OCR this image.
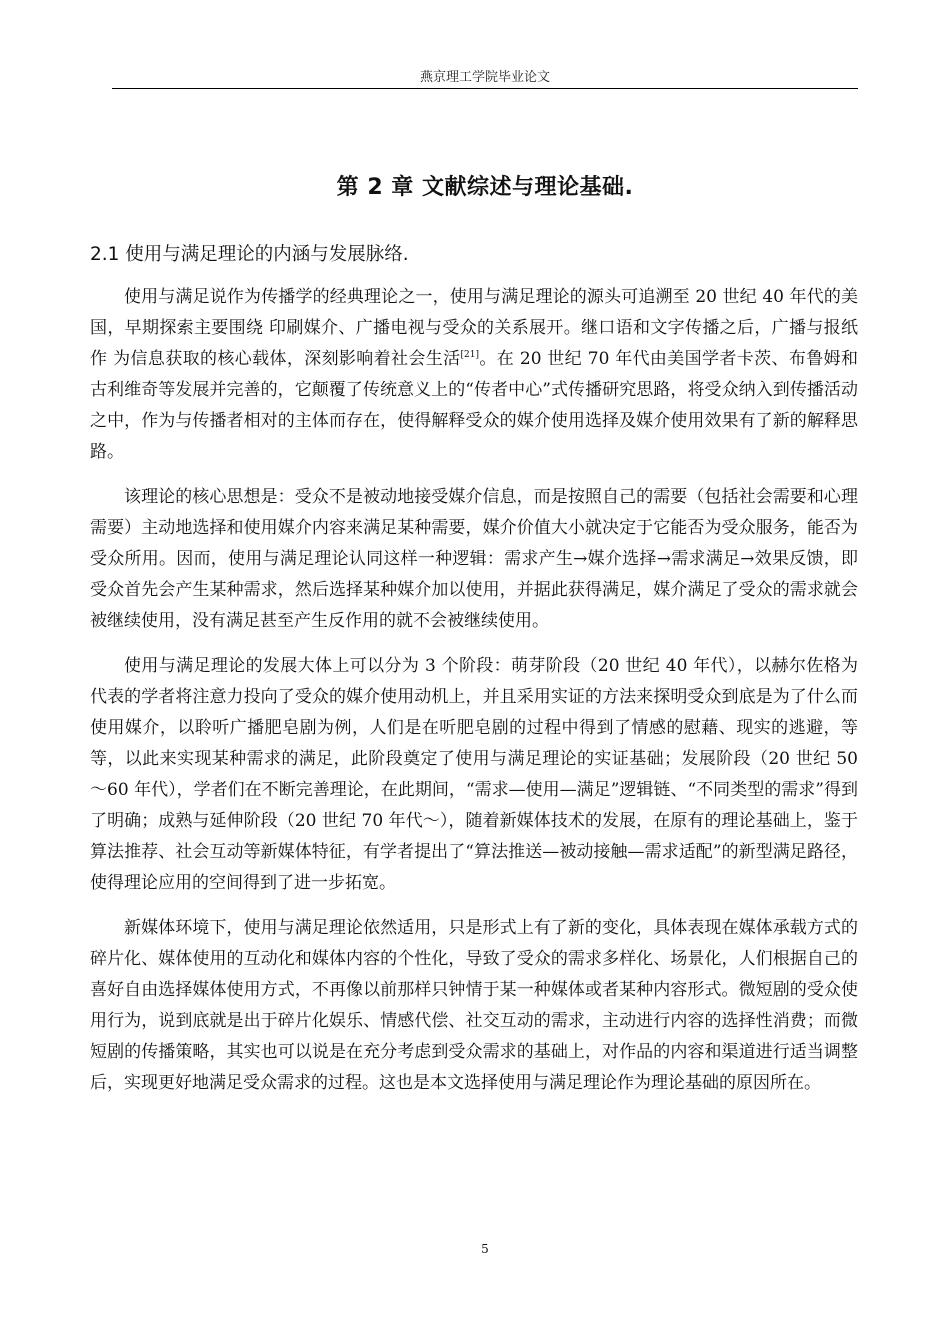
燕京理工学院毕业论文
第 2 章 文献综述与理论基础.
2.1 使用与满足理论的内涵与发展脉络.

使用与满足说作为传播学的经典理论之一，使用与满足理论的源头可追溯至 20 世纪 40 年代的美国，早期探索主要围绕 印刷媒介、广播电视与受众的关系展开。继口语和文字传播之后，广播与报纸作 为信息获取的核心载体，深刻影响着社会生活[21]。在 20 世纪 70 年代由美国学者卡茨、布鲁姆和古利维奇等发展并完善的，它颠覆了传统意义上的“传者中心”式传播研究思路，将受众纳入到传播活动之中，作为与传播者相对的主体而存在，使得解释受众的媒介使用选择及媒介使用效果有了新的解释思路。

该理论的核心思想是：受众不是被动地接受媒介信息，而是按照自己的需要（包括社会需要和心理需要）主动地选择和使用媒介内容来满足某种需要，媒介价值大小就决定于它能否为受众服务，能否为受众所用。因而，使用与满足理论认同这样一种逻辑：需求产生→媒介选择→需求满足→效果反馈，即受众首先会产生某种需求，然后选择某种媒介加以使用，并据此获得满足，媒介满足了受众的需求就会被继续使用，没有满足甚至产生反作用的就不会被继续使用。

使用与满足理论的发展大体上可以分为 3 个阶段：萌芽阶段（20 世纪 40 年代），以赫尔佐格为代表的学者将注意力投向了受众的媒介使用动机上，并且采用实证的方法来探明受众到底是为了什么而使用媒介，以聆听广播肥皂剧为例，人们是在听肥皂剧的过程中得到了情感的慰藉、现实的逃避，等等，以此来实现某种需求的满足，此阶段奠定了使用与满足理论的实证基础；发展阶段（20 世纪 50～60 年代），学者们在不断完善理论，在此期间，“需求—使用—满足”逻辑链、“不同类型的需求”得到了明确；成熟与延伸阶段（20 世纪 70 年代～），随着新媒体技术的发展，在原有的理论基础上，鉴于算法推荐、社会互动等新媒体特征，有学者提出了“算法推送—被动接触—需求适配”的新型满足路径，使得理论应用的空间得到了进一步拓宽。

新媒体环境下，使用与满足理论依然适用，只是形式上有了新的变化，具体表现在媒体承载方式的碎片化、媒体使用的互动化和媒体内容的个性化，导致了受众的需求多样化、场景化，人们根据自己的喜好自由选择媒体使用方式，不再像以前那样只钟情于某一种媒体或者某种内容形式。微短剧的受众使用行为，说到底就是出于碎片化娱乐、情感代偿、社交互动的需求，主动进行内容的选择性消费；而微短剧的传播策略，其实也可以说是在充分考虑到受众需求的基础上，对作品的内容和渠道进行适当调整后，实现更好地满足受众需求的过程。这也是本文选择使用与满足理论作为理论基础的原因所在。

5
